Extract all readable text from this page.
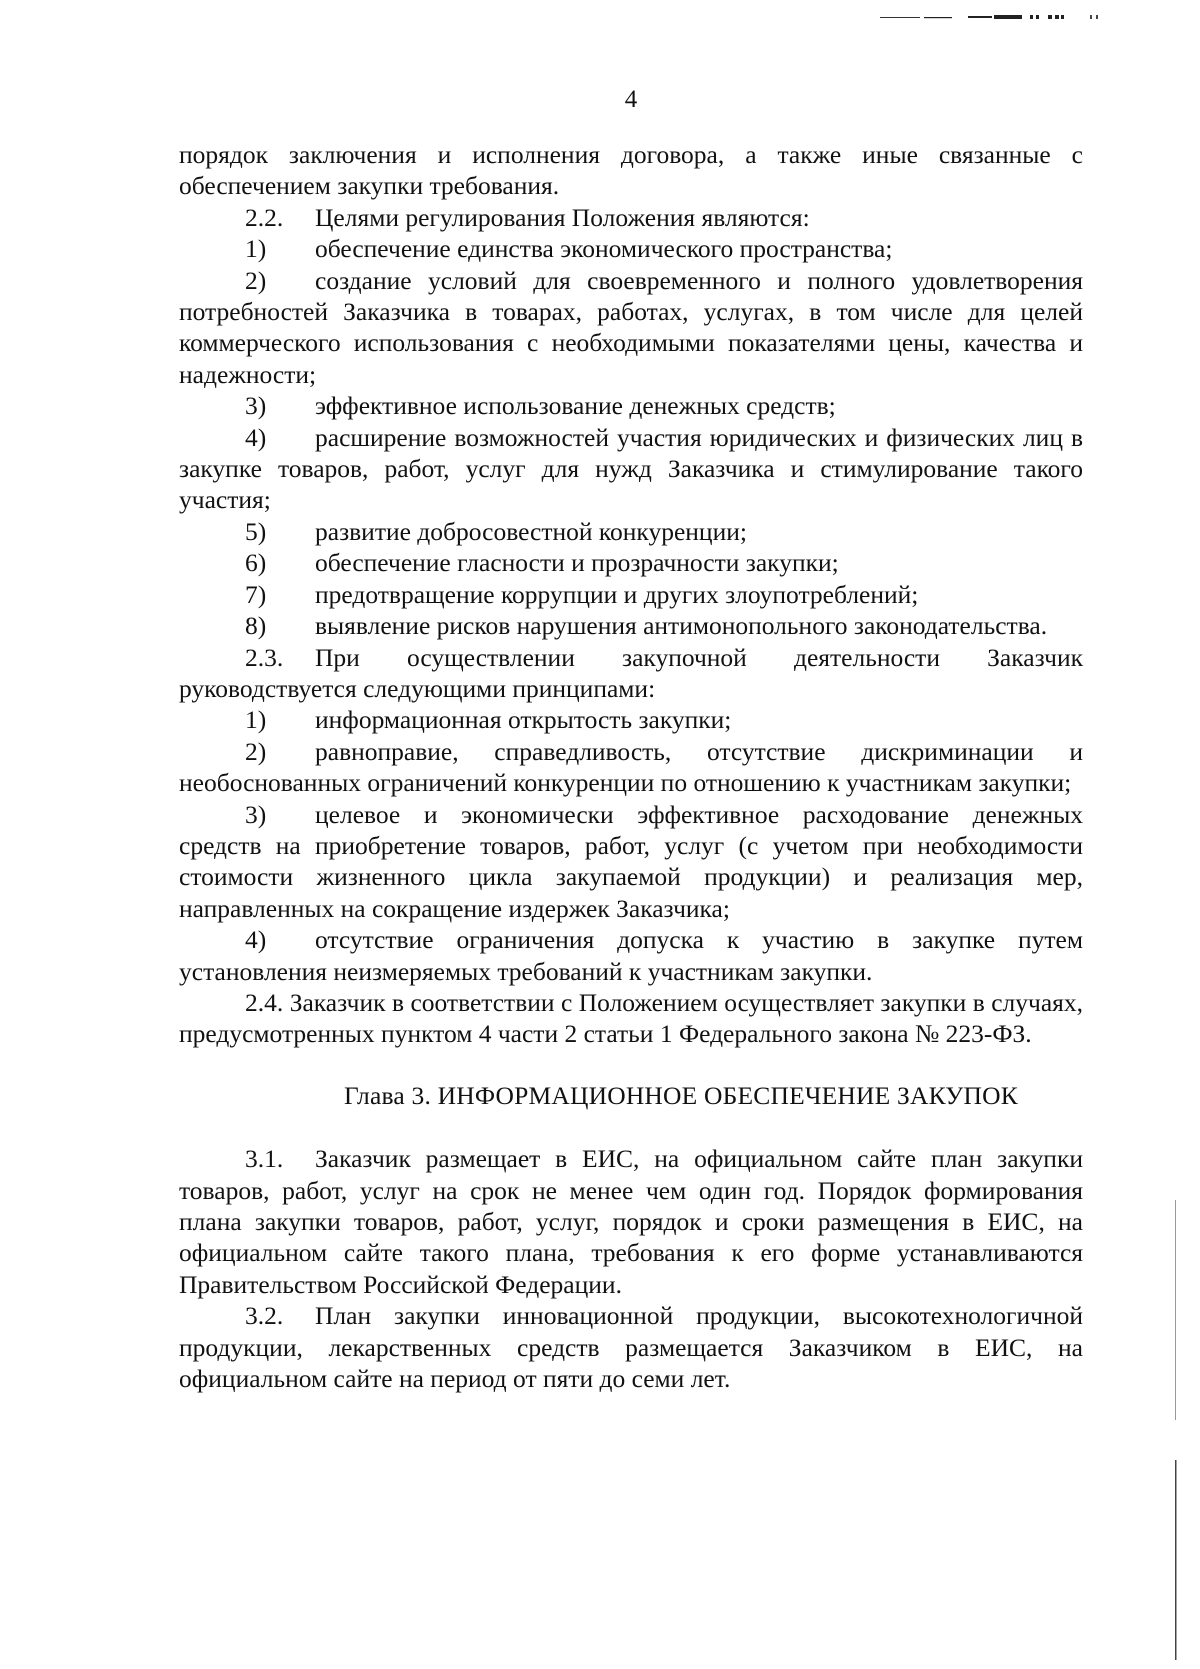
4

порядок заключения и исполнения договора, а также иные связанные с обеспечением закупки требования.

2.2.	Целями регулирования Положения являются:

1) обеспечение единства экономического пространства;

2) создание условий для своевременного и полного удовлетворения потребностей Заказчика в товарах, работах, услугах, в том числе для целей коммерческого использования с необходимыми показателями цены, качества и надежности;

3) эффективное использование денежных средств;

4) расширение возможностей участия юридических и физических лиц в закупке товаров, работ, услуг для нужд Заказчика и стимулирование такого участия;

5) развитие добросовестной конкуренции;

6) обеспечение гласности и прозрачности закупки;

7) предотвращение коррупции и других злоупотреблений;

8) выявление рисков нарушения антимонопольного законодательства.

2.3. При осуществлении закупочной деятельности Заказчик руководствуется следующими принципами:

1) информационная открытость закупки;

2) равноправие, справедливость, отсутствие дискриминации и необоснованных ограничений конкуренции по отношению к участникам закупки;

3) целевое и экономически эффективное расходование денежных средств на приобретение товаров, работ, услуг (с учетом при необходимости стоимости жизненного цикла закупаемой продукции) и реализация мер, направленных на сокращение издержек Заказчика;

4) отсутствие ограничения допуска к участию в закупке путем установления неизмеряемых требований к участникам закупки.

2.4. Заказчик в соответствии с Положением осуществляет закупки в случаях, предусмотренных пунктом 4 части 2 статьи 1 Федерального закона № 223-ФЗ.

Глава 3. ИНФОРМАЦИОННОЕ ОБЕСПЕЧЕНИЕ ЗАКУПОК

3.1. Заказчик размещает в ЕИС, на официальном сайте план закупки товаров, работ, услуг на срок не менее чем один год. Порядок формирования плана закупки товаров, работ, услуг, порядок и сроки размещения в ЕИС, на официальном сайте такого плана, требования к его форме устанавливаются Правительством Российской Федерации.

3.2. План закупки инновационной продукции, высокотехнологичной продукции, лекарственных средств размещается Заказчиком в ЕИС, на официальном сайте на период от пяти до семи лет.
